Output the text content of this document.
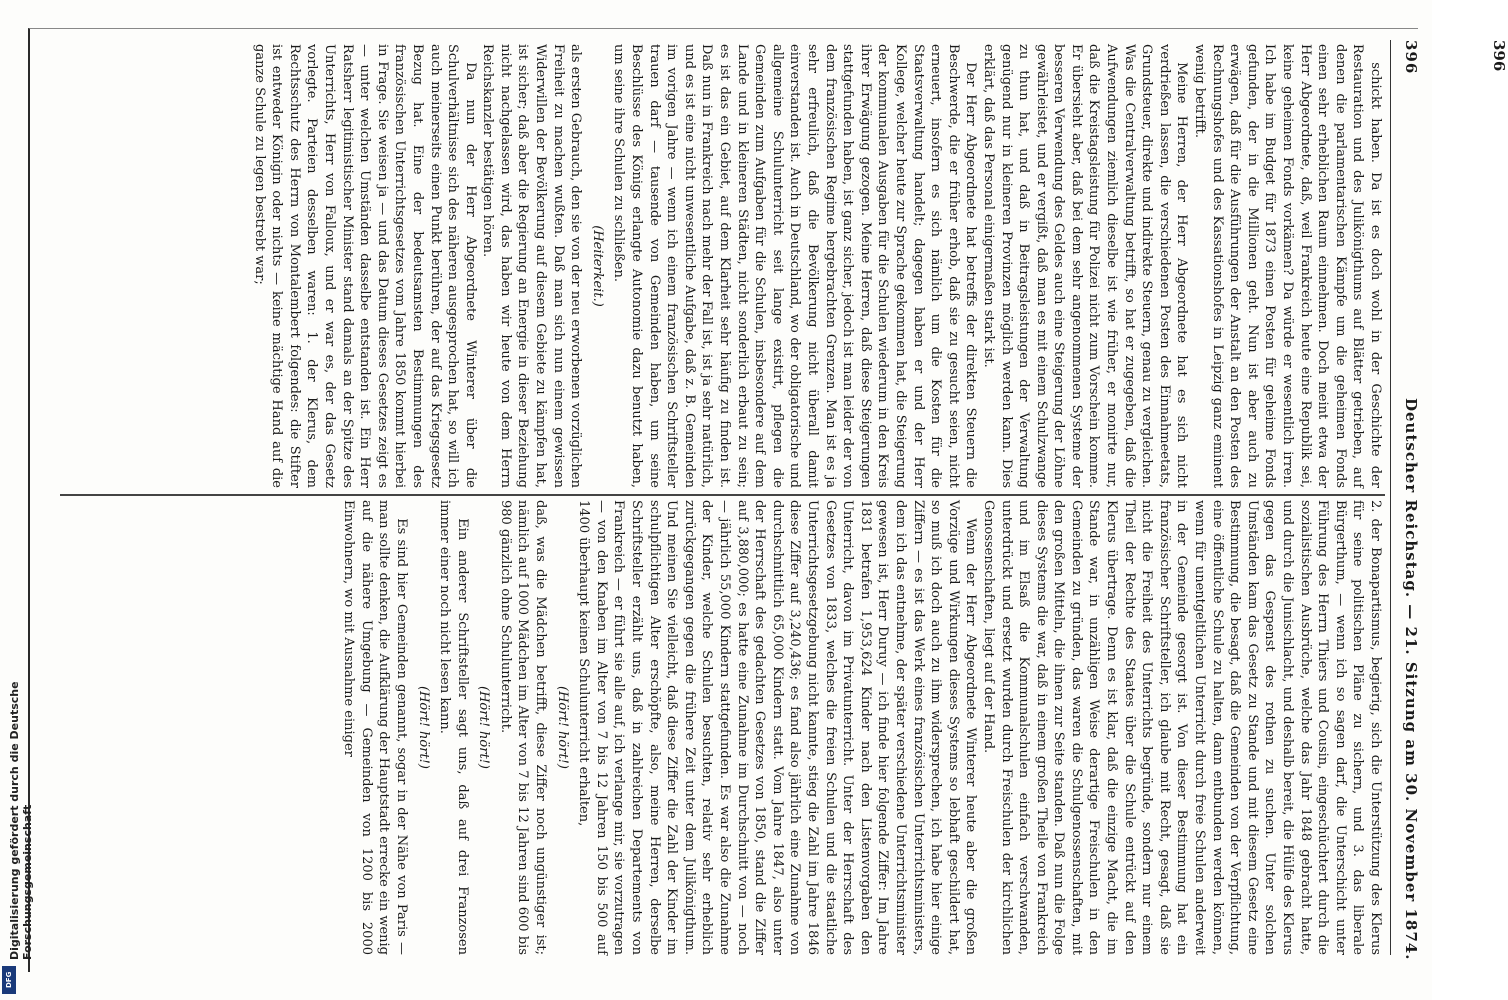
396
396
Deutscher Reichstag. — 21. Sitzung am 30. November 1874.

schickt haben. Da ist es doch wohl in der Geschichte der Restauration und des Julikönigthums auf Blätter getrieben, auf denen die parlamentarischen Kämpfe um die geheimen Fonds einen sehr erheblichen Raum einnehmen. Doch meint etwa der Herr Abgeordnete, daß, weil Frankreich heute eine Republik sei, keine geheimen Fonds vorkämen? Da würde er wesentlich irren. Ich habe im Budget für 1873 einen Posten für geheime Fonds gefunden, der in die Millionen geht. Nun ist aber auch zu erwägen, daß für die Ausführungen der Anstalt an den Posten des Rechnungshofes und des Kassationshofes in Leipzig ganz eminent wenig betrifft.

Meine Herren, der Herr Abgeordnete hat es sich nicht verdrießen lassen, die verschiedenen Posten des Einnahmeetats, Grundsteuer, direkte und indirekte Steuern, genau zu vergleichen. Was die Centralverwaltung betrifft, so hat er zugegeben, daß die Aufwendungen ziemlich dieselbe ist wie früher, er monirte nur, daß die Kreistagsleistung für Polizei nicht zum Vorschein komme. Er übersieht aber, daß bei dem sehr angenommenen Systeme der besseren Verwendung des Geldes auch eine Steigerung der Löhne gewährleistet, und er vergißt, daß man es mit einem Schulzwange zu thun hat, und daß in Beitragsleistungen der Verwaltung genügend nur in kleineren Provinzen möglich werden kann. Dies erklärt, daß das Personal einigermaßen stark ist.

Der Herr Abgeordnete hat betreffs der direkten Steuern die Beschwerde, die er früher erhob, daß sie zu gesucht seien, nicht erneuert, insofern es sich nämlich um die Kosten für die Staatsverwaltung handelt; dagegen haben er und der Herr Kollege, welcher heute zur Sprache gekommen hat, die Steigerung der kommunalen Ausgaben für die Schulen wiederum in den Kreis ihrer Erwägung gezogen. Meine Herren, daß diese Steigerungen stattgefunden haben, ist ganz sicher, jedoch ist man leider der von dem französischen Regime hergebrachten Grenzen. Man ist es ja sehr erfreulich, daß die Bevölkerung nicht überall damit einverstanden ist. Auch in Deutschland, wo der obligatorische und allgemeine Schulunterricht seit lange existirt, pflegen die Gemeinden zum Aufgaben für die Schulen, insbesondere auf dem Lande und in kleineren Städten, nicht sonderlich erbaut zu sein; es ist das ein Gebiet, auf dem Klarheit sehr häufig zu finden ist. Daß nun in Frankreich nach mehr der Fall ist, ist ja sehr natürlich, und es ist eine nicht unwesentliche Aufgabe, daß z. B. Gemeinden im vorigen Jahre — wenn ich einem französischen Schriftsteller trauen darf — tausende von Gemeinden haben, um seine Beschlüsse des Königs erlangte Autonomie dazu benutzt haben, um seine ihre Schulen zu schließen.

(Heiterkeit.)

als ersten Gebrauch, den sie von der neu erworbenen vorzüglichen Freiheit zu machen wußten. Daß man sich nun einem gewissen Widerwillen der Bevölkerung auf diesem Gebiete zu kämpfen hat, ist sicher; daß aber die Regierung an Energie in dieser Beziehung nicht nachgelassen wird, das haben wir heute von dem Herrn Reichskanzler bestätigen hören.

Da nun der Herr Abgeordnete Winterer über die Schulverhältnisse sich des näheren ausgesprochen hat, so will ich auch meinerseits einen Punkt berühren, der auf das Kriegsgesetz Bezug hat. Eine der bedeutsamsten Bestimmungen des französischen Unterrichtsgesetzes vom Jahre 1850 kommt hierbei in Frage. Sie weisen ja — und das Datum dieses Gesetzes zeigt es — unter welchen Umständen dasselbe entstanden ist. Ein Herr Ratsherr legitimistischer Minister stand damals an der Spitze des Unterrichts, Herr von Falloux, und er war es, der das Gesetz vorlegte. Parteien desselben waren: 1. der Klerus, dem Rechtsschutz des Herrn von Montalembert folgendes: die Stifter ist entweder Königin oder nichts — keine mächtige Hand auf die ganze Schule zu legen bestrebt war;

2. der Bonapartismus, begierig, sich die Unterstützung des Klerus für seine politischen Pläne zu sichern, und 3. das liberale Bürgerthum, — wenn ich so sagen darf, die Unterschicht unter Führung des Herrn Thiers und Cousin, eingeschüchtert durch die sozialistischen Ausbrüche, welche das Jahr 1848 gebracht hatte, und durch die Junischlacht, und deshalb bereit, die Hülfe des Klerus gegen das Gespenst des rothen zu suchen. Unter solchen Umständen kam das Gesetz zu Stande und mit diesem Gesetz eine Bestimmung, die besagt, daß die Gemeinden von der Verpflichtung, eine öffentliche Schule zu halten, dann entbunden werden können, wenn für unentgeltlichen Unterricht durch freie Schulen anderweit in der Gemeinde gesorgt ist. Von dieser Bestimmung hat ein französischer Schriftsteller, ich glaube mit Recht, gesagt, daß sie nicht die Freiheit des Unterrichts begründe, sondern nur einem Theil der Rechte des Staates über die Schule entrückt auf den Klerus übertrage. Denn es ist klar, daß die einzige Macht, die im Stande war, in unzähligen Weise derartige Freischulen in den Gemeinden zu gründen, das waren die Schulgenossenschaften, mit den großen Mitteln, die ihnen zur Seite standen. Daß nun die Folge dieses Systems die war, daß in einem großen Theile von Frankreich und im Elsaß die Kommunalschulen einfach verschwanden, unterdrückt und ersetzt wurden durch Freischulen der kirchlichen Genossenschaften, liegt auf der Hand.

Wenn der Herr Abgeordnete Winterer heute aber die großen Vorzüge und Wirkungen dieses Systems so lebhaft geschildert hat, so muß ich doch auch zu ihm widersprechen, ich habe hier einige Ziffern — es ist das Werk eines französischen Unterrichtsministers, dem ich das entnehme, der später verschiedene Unterrichtsminister gewesen ist, Herr Duruy — ich finde hier folgende Ziffer: Im Jahre 1831 betrafen 1,953,624 Kinder nach den Listenvorgaben den Unterricht, davon im Privatunterricht. Unter der Herrschaft des Gesetzes von 1833, welches die freien Schulen und die staatliche Unterrichtsgesetzgebung nicht kannte, stieg die Zahl im Jahre 1846 diese Ziffer auf 3,240,436; es fand also jährlich eine Zunahme von durchschnittlich 65,000 Kindern statt. Vom Jahre 1847, also unter der Herrschaft des gedachten Gesetzes von 1850, stand die Ziffer auf 3,880,000; es hatte eine Zunahme im Durchschnitt von — noch — jährlich 55,000 Kindern stattgefunden. Es war also die Zunahme der Kinder, welche Schulen besuchten, relativ sehr erheblich zurückgegangen gegen die frühere Zeit unter dem Julikönigthum. Und meinen Sie vielleicht, daß diese Ziffer die Zahl der Kinder im schulpflichtigen Alter erschöpfte, also, meine Herren, derselbe Schriftsteller erzählt uns, daß in zahlreichen Departements von Frankreich — er führt sie alle auf, ich verlange mir, sie vorzutragen — von den Knaben im Alter von 7 bis 12 Jahren 150 bis 500 auf 1400 überhaupt keinen Schulunterricht erhalten,

(Hört! hört!)

daß, was die Mädchen betrifft, diese Ziffer noch ungünstiger ist; nämlich auf 1000 Mädchen im Alter von 7 bis 12 Jahren sind 600 bis 980 gänzlich ohne Schulunterricht.

(Hört! hört!)

Ein anderer Schriftsteller sagt uns, daß auf drei Franzosen immer einer noch nicht lesen kann.

(Hört! hört!)

Es sind hier Gemeinden genannt, sogar in der Nähe von Paris — man sollte denken, die Aufklärung der Hauptstadt errecke ein wenig auf die nähere Umgebung — Gemeinden von 1200 bis 2000 Einwohnern, wo mit Ausnahme einiger

Digitalisierung gefördert durch die Deutsche Forschungsgemeinschaft
DFG
